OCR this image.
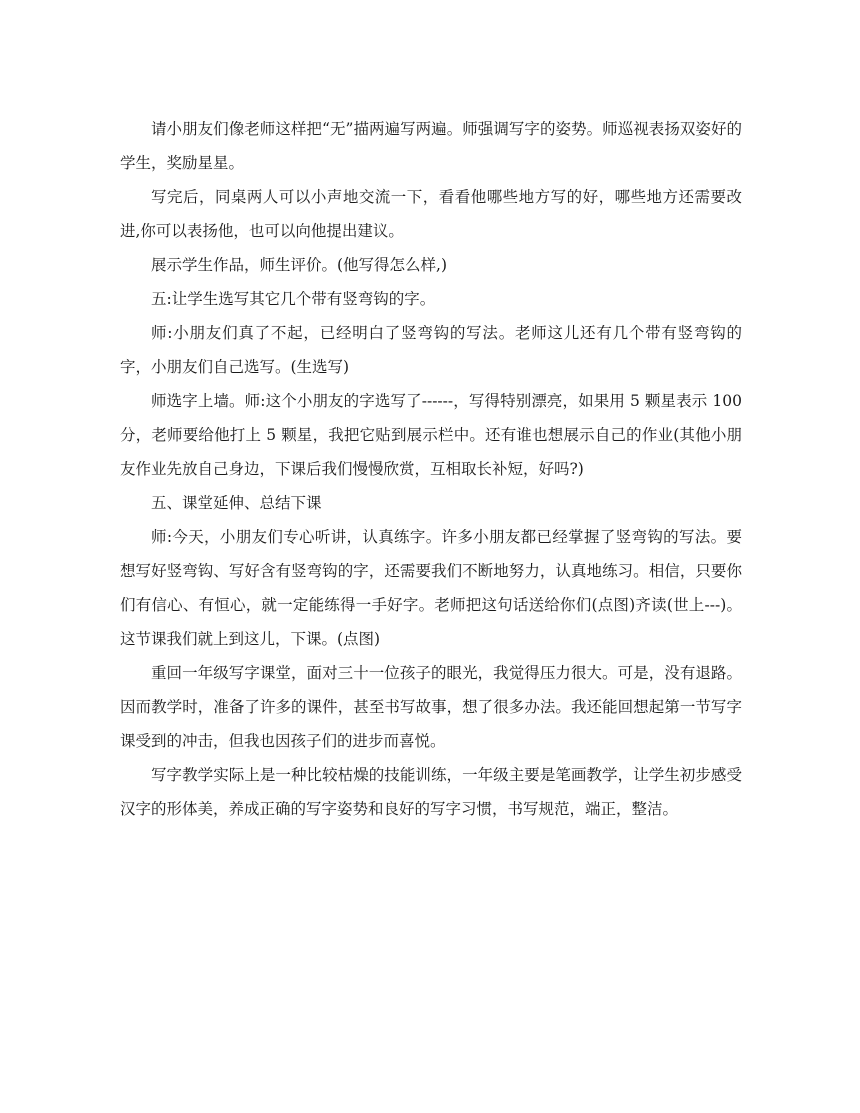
请小朋友们像老师这样把“无”描两遍写两遍。师强调写字的姿势。师巡视表扬双姿好的学生，奖励星星。

写完后，同桌两人可以小声地交流一下，看看他哪些地方写的好，哪些地方还需要改进,你可以表扬他，也可以向他提出建议。

展示学生作品，师生评价。(他写得怎么样,)

五:让学生选写其它几个带有竖弯钩的字。

师:小朋友们真了不起，已经明白了竖弯钩的写法。老师这儿还有几个带有竖弯钩的字，小朋友们自己选写。(生选写)

师选字上墙。师:这个小朋友的字选写了------，写得特别漂亮，如果用 5 颗星表示 100 分，老师要给他打上 5 颗星，我把它贴到展示栏中。还有谁也想展示自己的作业(其他小朋友作业先放自己身边，下课后我们慢慢欣赏，互相取长补短，好吗?)

五、课堂延伸、总结下课

师:今天，小朋友们专心听讲，认真练字。许多小朋友都已经掌握了竖弯钩的写法。要想写好竖弯钩、写好含有竖弯钩的字，还需要我们不断地努力，认真地练习。相信，只要你们有信心、有恒心，就一定能练得一手好字。老师把这句话送给你们(点图)齐读(世上---)。这节课我们就上到这儿，下课。(点图)

重回一年级写字课堂，面对三十一位孩子的眼光，我觉得压力很大。可是，没有退路。因而教学时，准备了许多的课件，甚至书写故事，想了很多办法。我还能回想起第一节写字课受到的冲击，但我也因孩子们的进步而喜悦。

写字教学实际上是一种比较枯燥的技能训练，一年级主要是笔画教学，让学生初步感受汉字的形体美，养成正确的写字姿势和良好的写字习惯，书写规范，端正，整洁。
